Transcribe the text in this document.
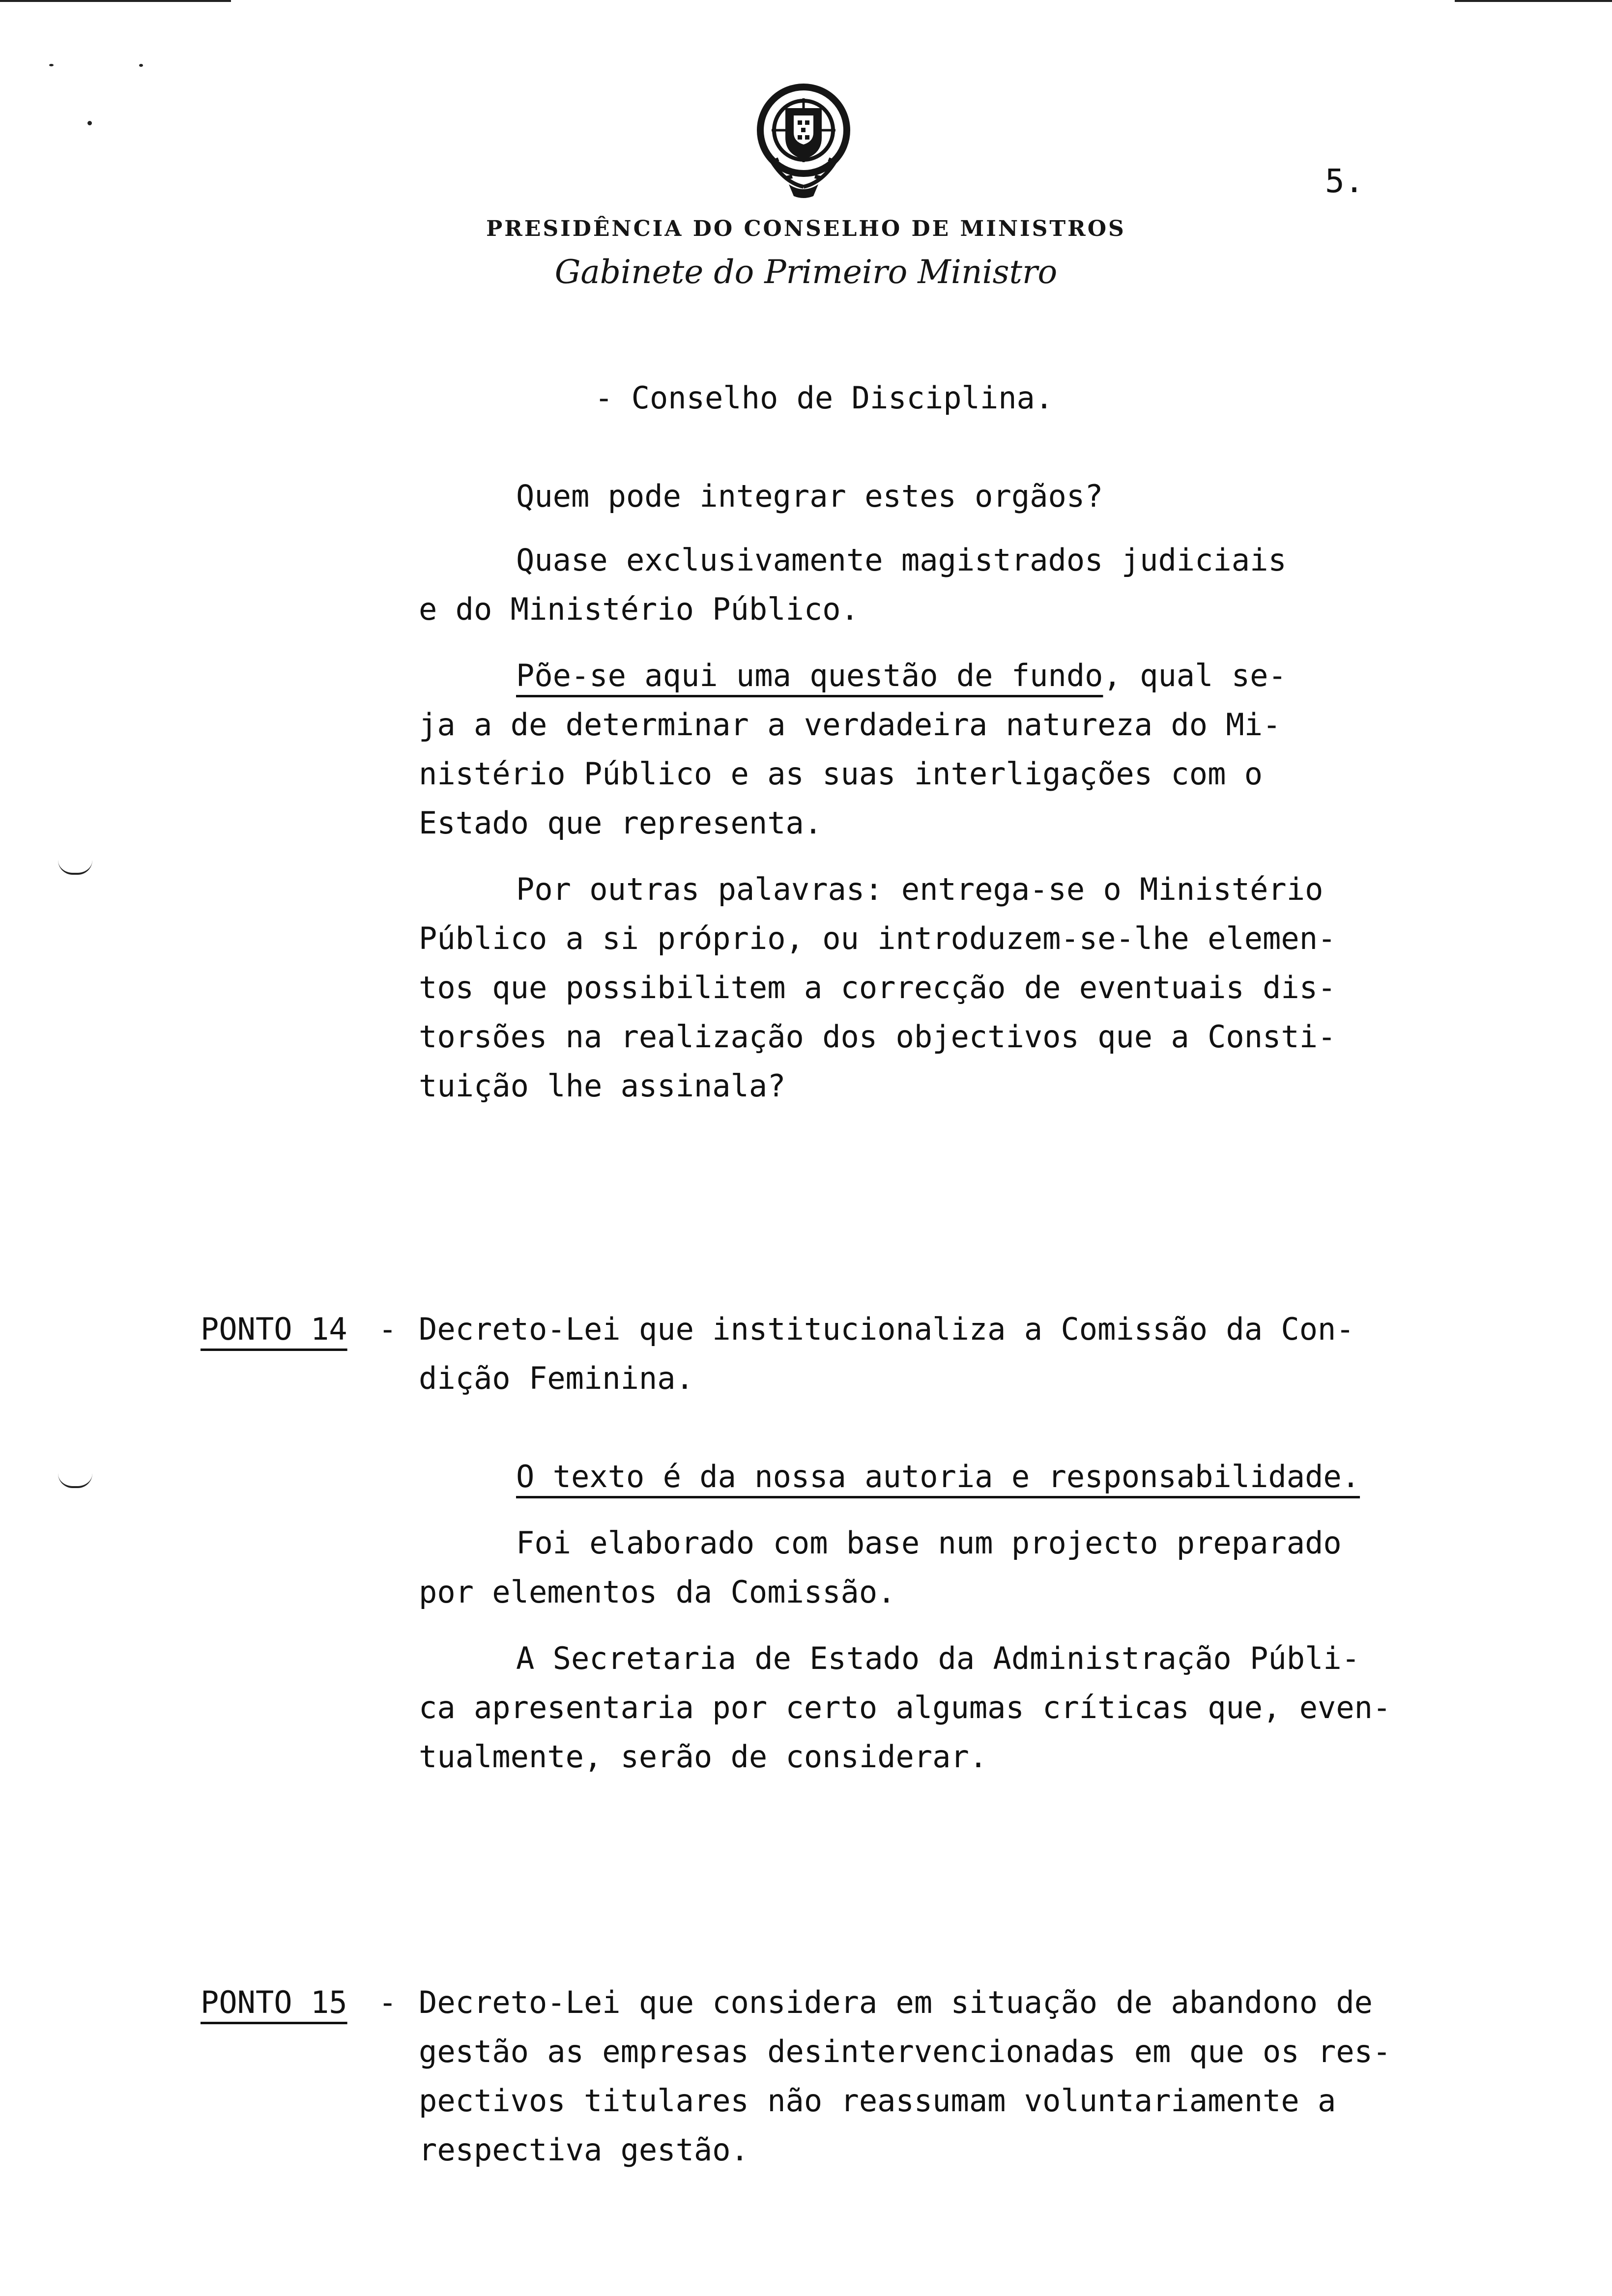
5.
PRESIDÊNCIA DO CONSELHO DE MINISTROS
Gabinete do Primeiro Ministro
- Conselho de Disciplina.
Quem pode integrar estes orgãos?
Quase exclusivamente magistrados judiciais
e do Ministério Público.
Põe-se aqui uma questão de fundo, qual se-
ja a de determinar a verdadeira natureza do Mi-
nistério Público e as suas interligações com o
Estado que representa.
Por outras palavras: entrega-se o Ministério
Público a si próprio, ou introduzem-se-lhe elemen-
tos que possibilitem a correcção de eventuais dis-
torsões na realização dos objectivos que a Consti-
tuição lhe assinala?
PONTO 14 - Decreto-Lei que institucionaliza a Comissão da Con-
dição Feminina.
O texto é da nossa autoria e responsabilidade.
Foi elaborado com base num projecto preparado
por elementos da Comissão.
A Secretaria de Estado da Administração Públi-
ca apresentaria por certo algumas críticas que, even-
tualmente, serão de considerar.
PONTO 15 - Decreto-Lei que considera em situação de abandono de
gestão as empresas desintervencionadas em que os res-
pectivos titulares não reassumam voluntariamente a
respectiva gestão.
